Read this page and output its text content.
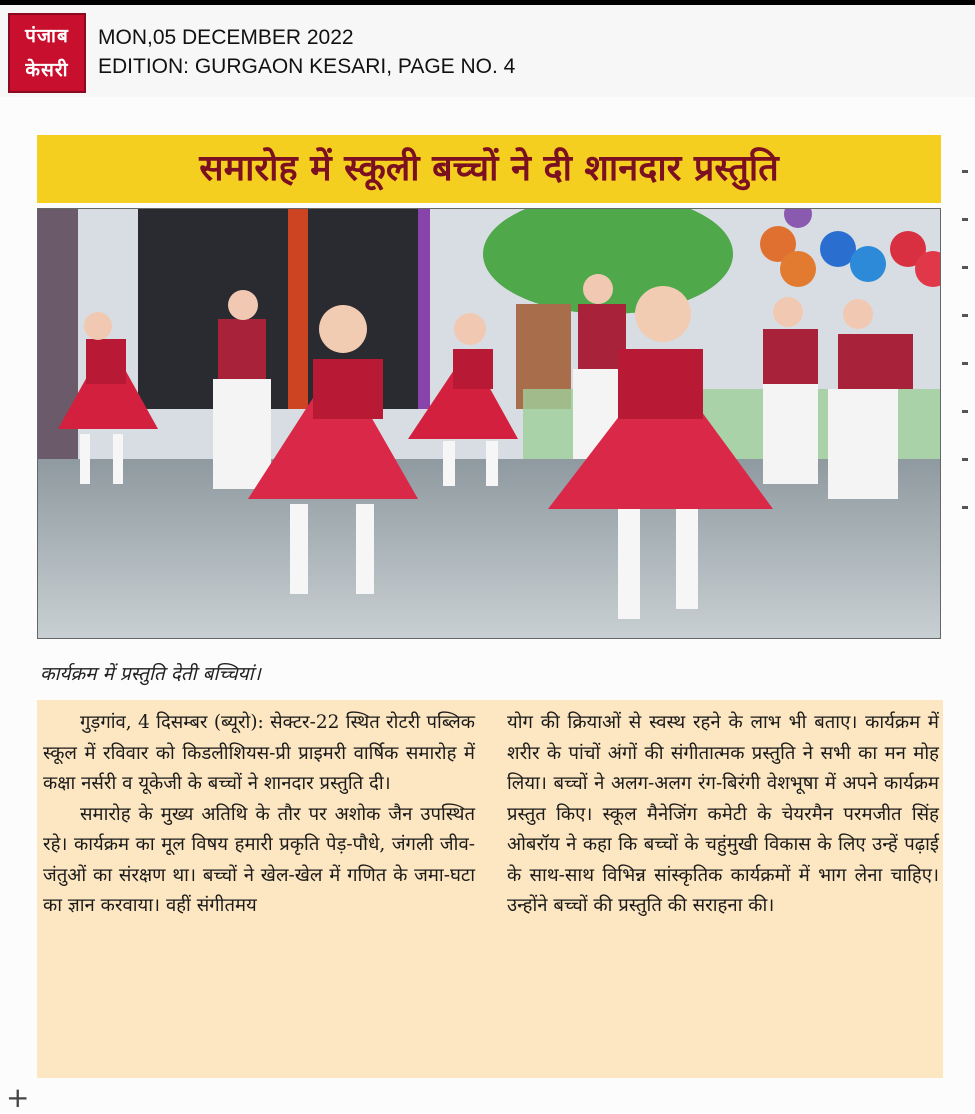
पंजाब
केसरी
MON,05 DECEMBER 2022
EDITION: GURGAON KESARI, PAGE NO. 4
समारोह में स्कूली बच्चों ने दी शानदार प्रस्तुति
कार्यक्रम में प्रस्तुति देती बच्चियां।

गुड़गांव, 4 दिसम्बर (ब्यूरो): सेक्टर-22 स्थित रोटरी पब्लिक स्कूल में रविवार को किडलीशियस-प्री प्राइमरी वार्षिक समारोह में कक्षा नर्सरी व यूकेजी के बच्चों ने शानदार प्रस्तुति दी।

समारोह के मुख्य अतिथि के तौर पर अशोक जैन उपस्थित रहे। कार्यक्रम का मूल विषय हमारी प्रकृति पेड़-पौधे, जंगली जीव-जंतुओं का संरक्षण था। बच्चों ने खेल-खेल में गणित के जमा-घटा का ज्ञान करवाया। वहीं संगीतमय

योग की क्रियाओं से स्वस्थ रहने के लाभ भी बताए। कार्यक्रम में शरीर के पांचों अंगों की संगीतात्मक प्रस्तुति ने सभी का मन मोह लिया। बच्चों ने अलग-अलग रंग-बिरंगी वेशभूषा में अपने कार्यक्रम प्रस्तुत किए। स्कूल मैनेजिंग कमेटी के चेयरमैन परमजीत सिंह ओबरॉय ने कहा कि बच्चों के चहुंमुखी विकास के लिए उन्हें पढ़ाई के साथ-साथ विभिन्न सांस्कृतिक कार्यक्रमों में भाग लेना चाहिए। उन्होंने बच्चों की प्रस्तुति की सराहना की।

+
